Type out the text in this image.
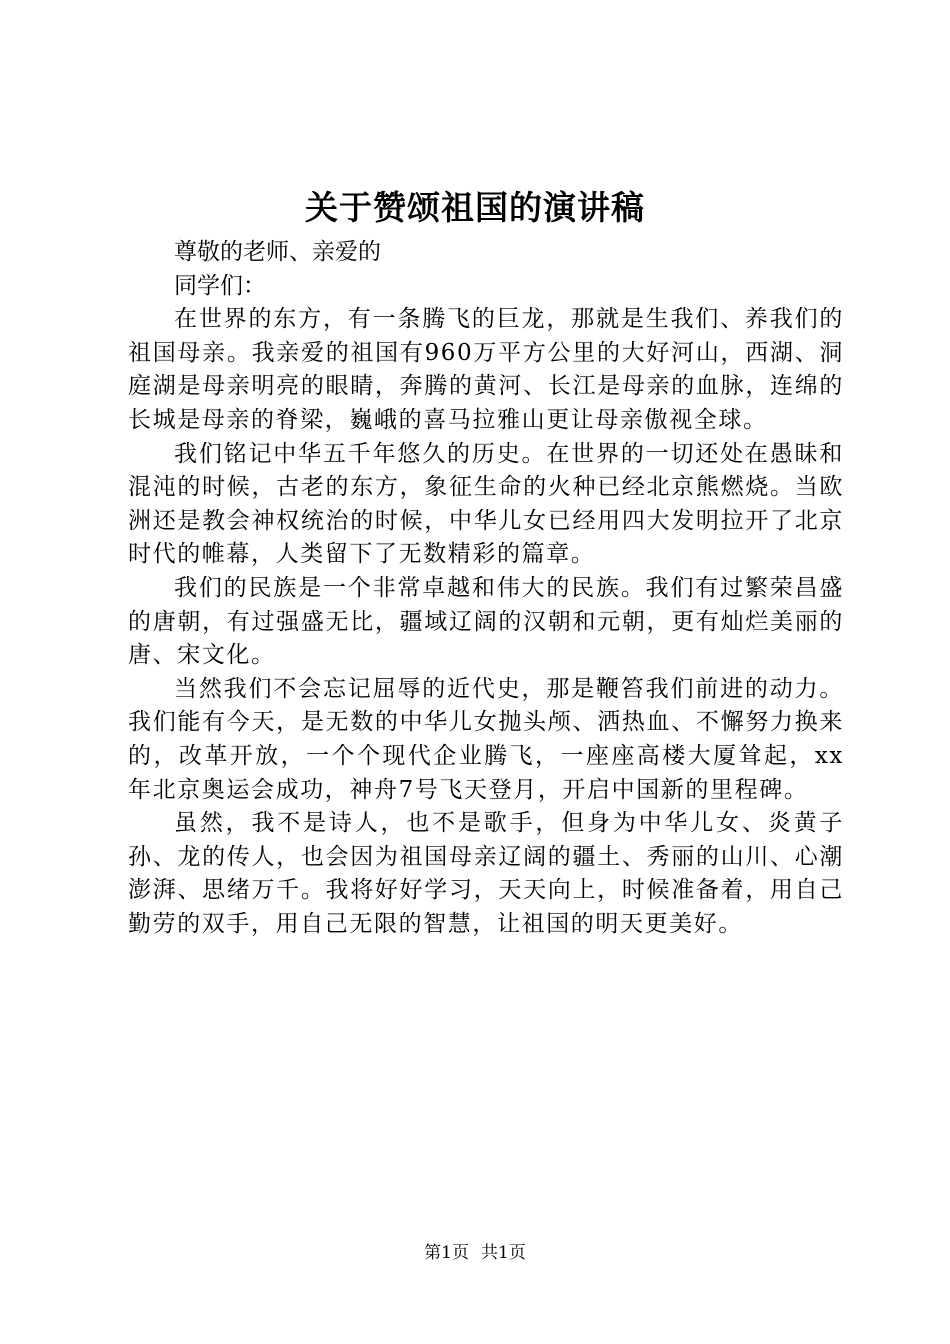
关于赞颂祖国的演讲稿

尊敬的老师、亲爱的

同学们：

在世界的东方，有一条腾飞的巨龙，那就是生我们、养我们的祖国母亲。我亲爱的祖国有960万平方公里的大好河山，西湖、洞庭湖是母亲明亮的眼睛，奔腾的黄河、长江是母亲的血脉，连绵的长城是母亲的脊梁，巍峨的喜马拉雅山更让母亲傲视全球。

我们铭记中华五千年悠久的历史。在世界的一切还处在愚昧和混沌的时候，古老的东方，象征生命的火种已经北京熊燃烧。当欧洲还是教会神权统治的时候，中华儿女已经用四大发明拉开了北京时代的帷幕，人类留下了无数精彩的篇章。

我们的民族是一个非常卓越和伟大的民族。我们有过繁荣昌盛的唐朝，有过强盛无比，疆域辽阔的汉朝和元朝，更有灿烂美丽的唐、宋文化。

当然我们不会忘记屈辱的近代史，那是鞭笞我们前进的动力。我们能有今天，是无数的中华儿女抛头颅、洒热血、不懈努力换来的，改革开放，一个个现代企业腾飞，一座座高楼大厦耸起，xx年北京奥运会成功，神舟7号飞天登月，开启中国新的里程碑。

虽然，我不是诗人，也不是歌手，但身为中华儿女、炎黄子孙、龙的传人，也会因为祖国母亲辽阔的疆土、秀丽的山川、心潮澎湃、思绪万千。我将好好学习，天天向上，时候准备着，用自己勤劳的双手，用自己无限的智慧，让祖国的明天更美好。

第1页 共1页
